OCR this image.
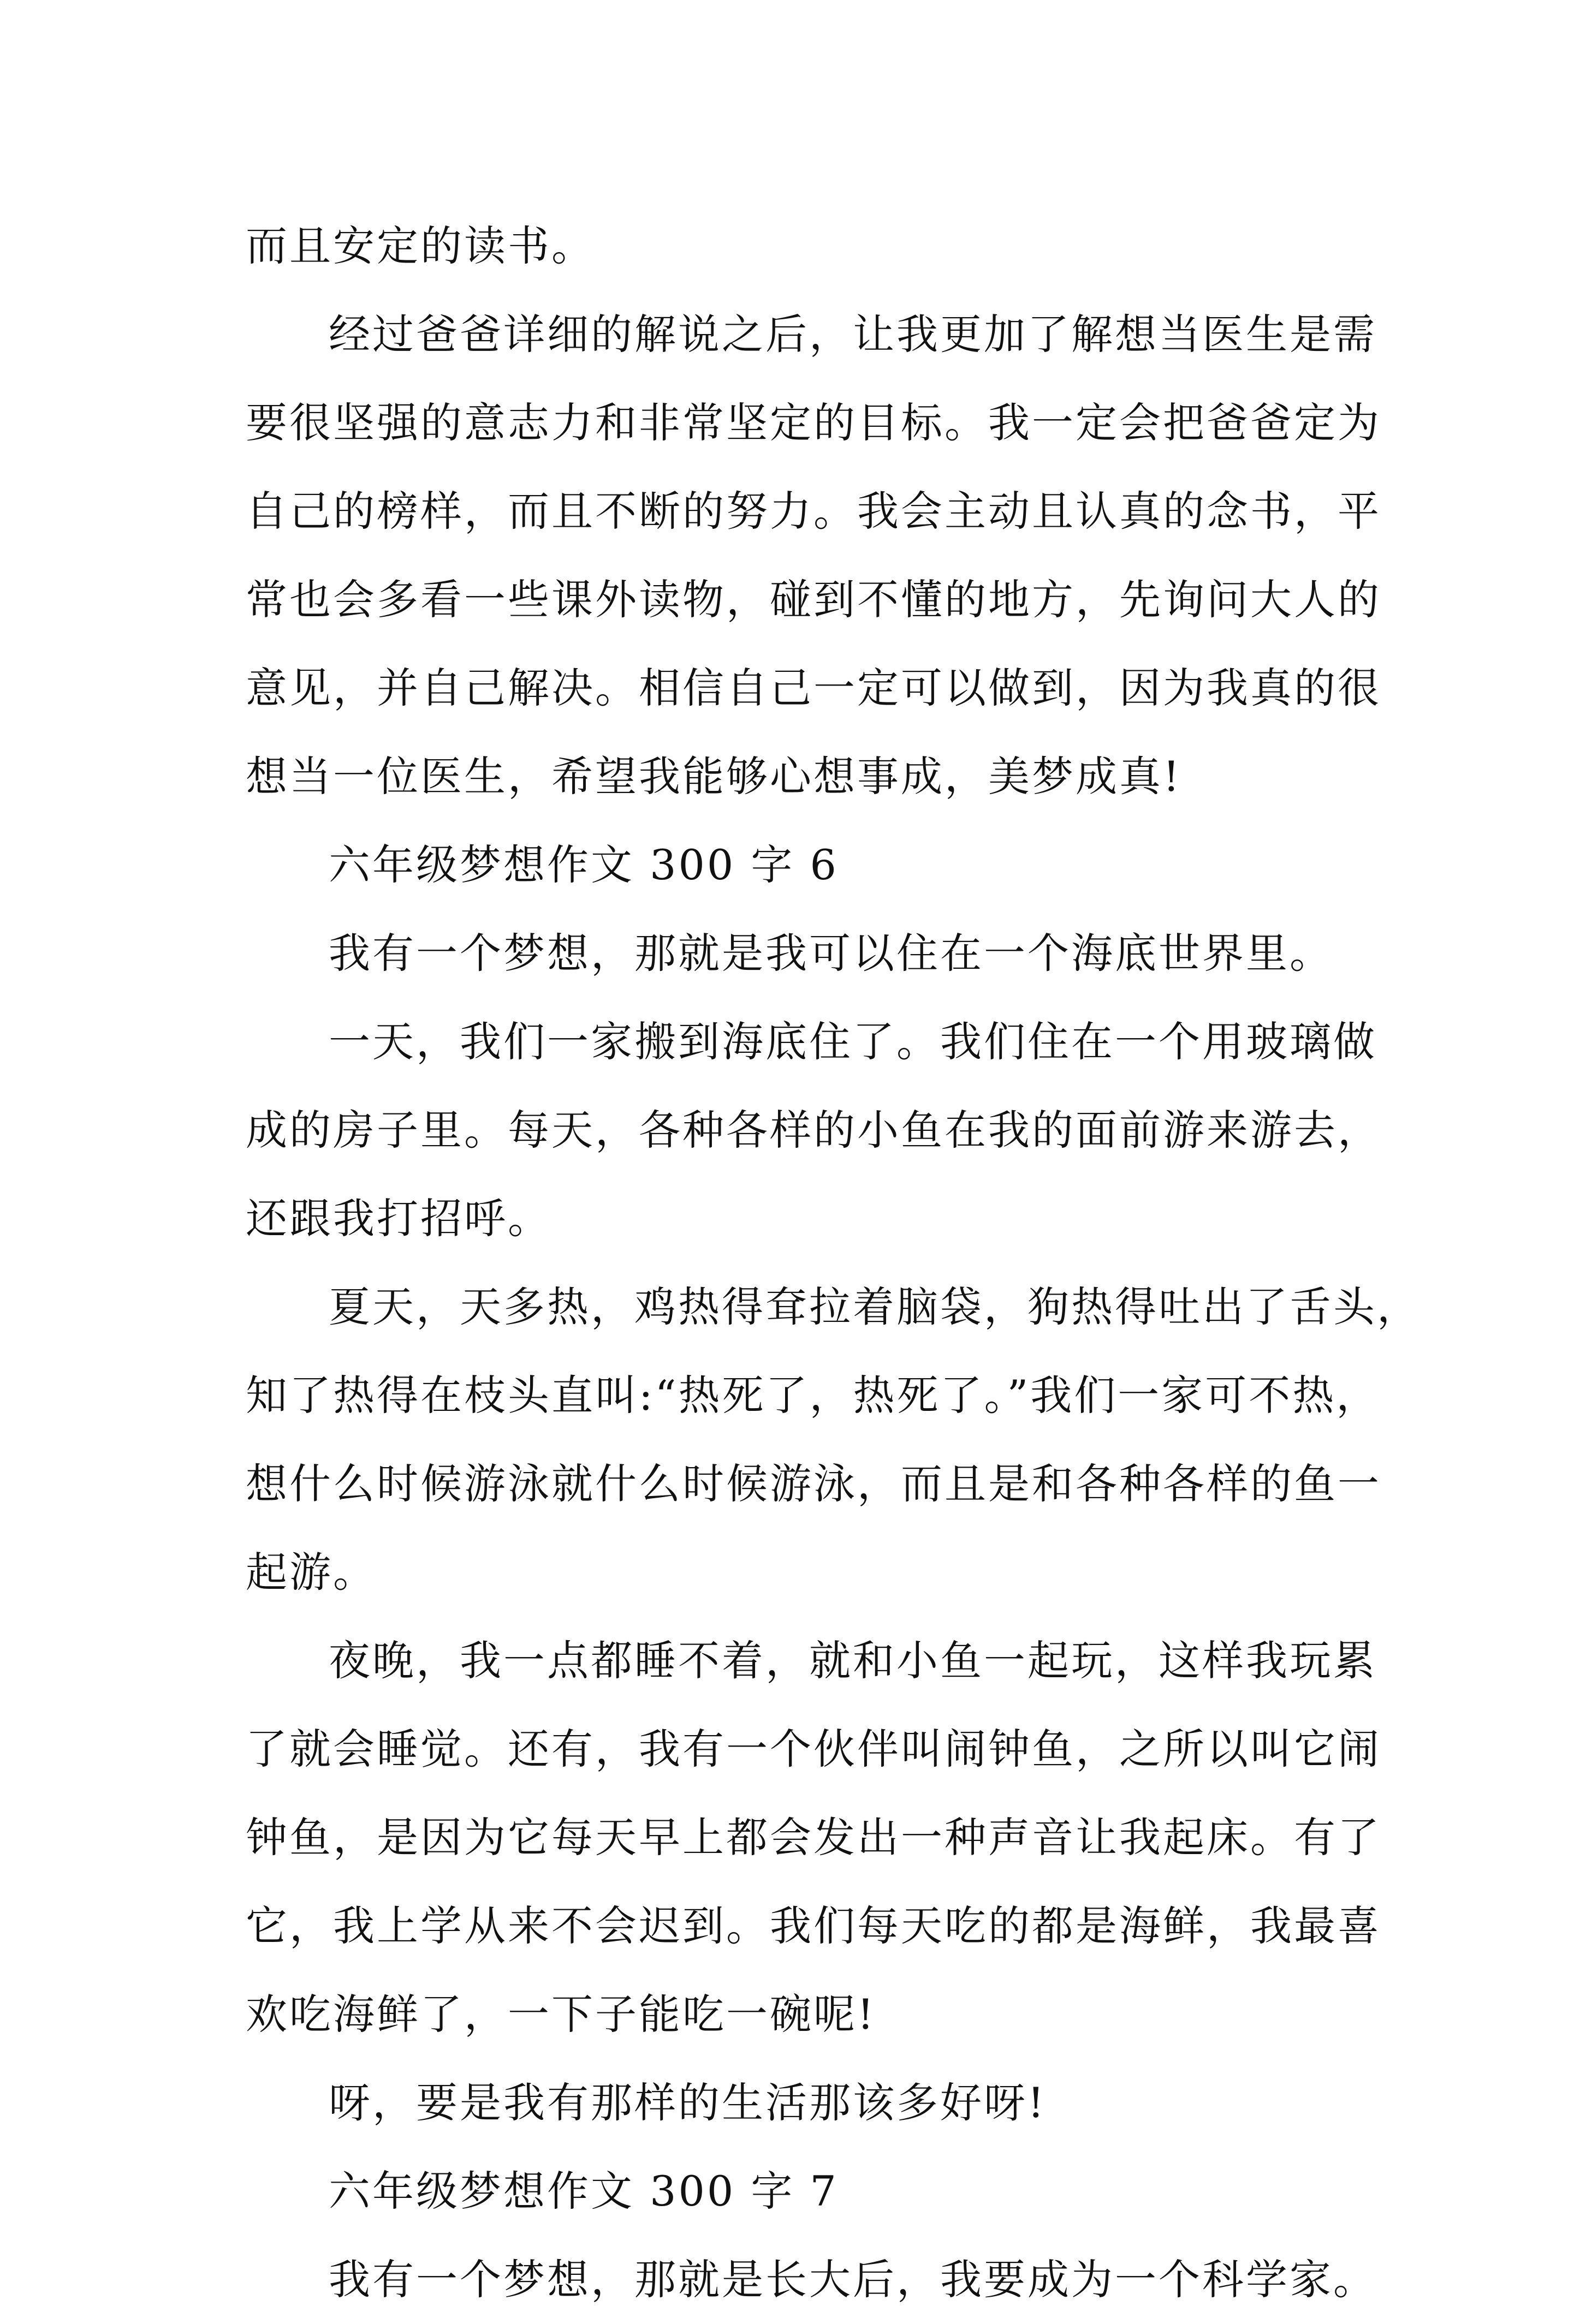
而且安定的读书。
经过爸爸详细的解说之后，让我更加了解想当医生是需
要很坚强的意志力和非常坚定的目标。我一定会把爸爸定为
自己的榜样，而且不断的努力。我会主动且认真的念书，平
常也会多看一些课外读物，碰到不懂的地方，先询问大人的
意见，并自己解决。相信自己一定可以做到，因为我真的很
想当一位医生，希望我能够心想事成，美梦成真!
六年级梦想作文 300 字 6
我有一个梦想，那就是我可以住在一个海底世界里。
一天，我们一家搬到海底住了。我们住在一个用玻璃做
成的房子里。每天，各种各样的小鱼在我的面前游来游去，
还跟我打招呼。
夏天，天多热，鸡热得耷拉着脑袋，狗热得吐出了舌头，
知了热得在枝头直叫:“热死了，热死了。”我们一家可不热，
想什么时候游泳就什么时候游泳，而且是和各种各样的鱼一
起游。
夜晚，我一点都睡不着，就和小鱼一起玩，这样我玩累
了就会睡觉。还有，我有一个伙伴叫闹钟鱼，之所以叫它闹
钟鱼，是因为它每天早上都会发出一种声音让我起床。有了
它，我上学从来不会迟到。我们每天吃的都是海鲜，我最喜
欢吃海鲜了，一下子能吃一碗呢!
呀，要是我有那样的生活那该多好呀!
六年级梦想作文 300 字 7
我有一个梦想，那就是长大后，我要成为一个科学家。
